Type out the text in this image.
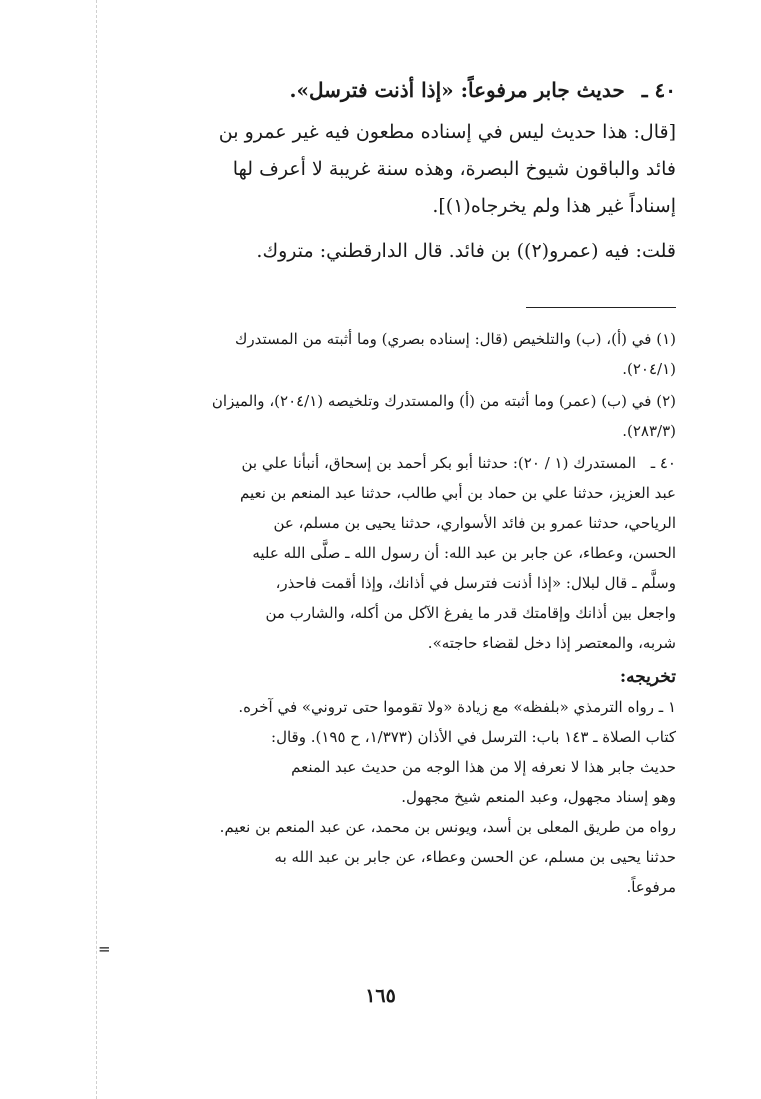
٤٠ ـ حديث جابر مرفوعاً: «إذا أذنت فترسل».
[قال: هذا حديث ليس في إسناده مطعون فيه غير عمرو بن
فائد والباقون شيوخ البصرة، وهذه سنة غريبة لا أعرف لها
إسناداً غير هذا ولم يخرجاه(١)].
قلت: فيه (عمرو(٢)) بن فائد. قال الدارقطني: متروك.
(١) في (أ)، (ب) والتلخيص (قال: إسناده بصري) وما أثبته من المستدرك
(٢٠٤/١).
(٢) في (ب) (عمر) وما أثبته من (أ) والمستدرك وتلخيصه (٢٠٤/١)، والميزان
(٢٨٣/٣).
٤٠ ـالمستدرك (١ / ٢٠): حدثنا أبو بكر أحمد بن إسحاق، أنبأنا علي بن
عبد العزيز، حدثنا علي بن حماد بن أبي طالب، حدثنا عبد المنعم بن نعيم
الرياحي، حدثنا عمرو بن فائد الأسواري، حدثنا يحيى بن مسلم، عن
الحسن، وعطاء، عن جابر بن عبد الله: أن رسول الله ـ صلَّى الله عليه
وسلَّم ـ قال لبلال: «إذا أذنت فترسل في أذانك، وإذا أقمت فاحذر،
واجعل بين أذانك وإقامتك قدر ما يفرغ الآكل من أكله، والشارب من
شربه، والمعتصر إذا دخل لقضاء حاجته».
تخريجه:
١ ـ رواه الترمذي «بلفظه» مع زيادة «ولا تقوموا حتى تروني» في آخره.
كتاب الصلاة ـ ١٤٣ باب: الترسل في الأذان (١/٣٧٣، ح ١٩٥). وقال:
حديث جابر هذا لا نعرفه إلا من هذا الوجه من حديث عبد المنعم
وهو إسناد مجهول، وعبد المنعم شيخ مجهول.
رواه من طريق المعلى بن أسد، ويونس بن محمد، عن عبد المنعم بن نعيم.
حدثنا يحيى بن مسلم، عن الحسن وعطاء، عن جابر بن عبد الله به
مرفوعاً.
=
١٦٥
